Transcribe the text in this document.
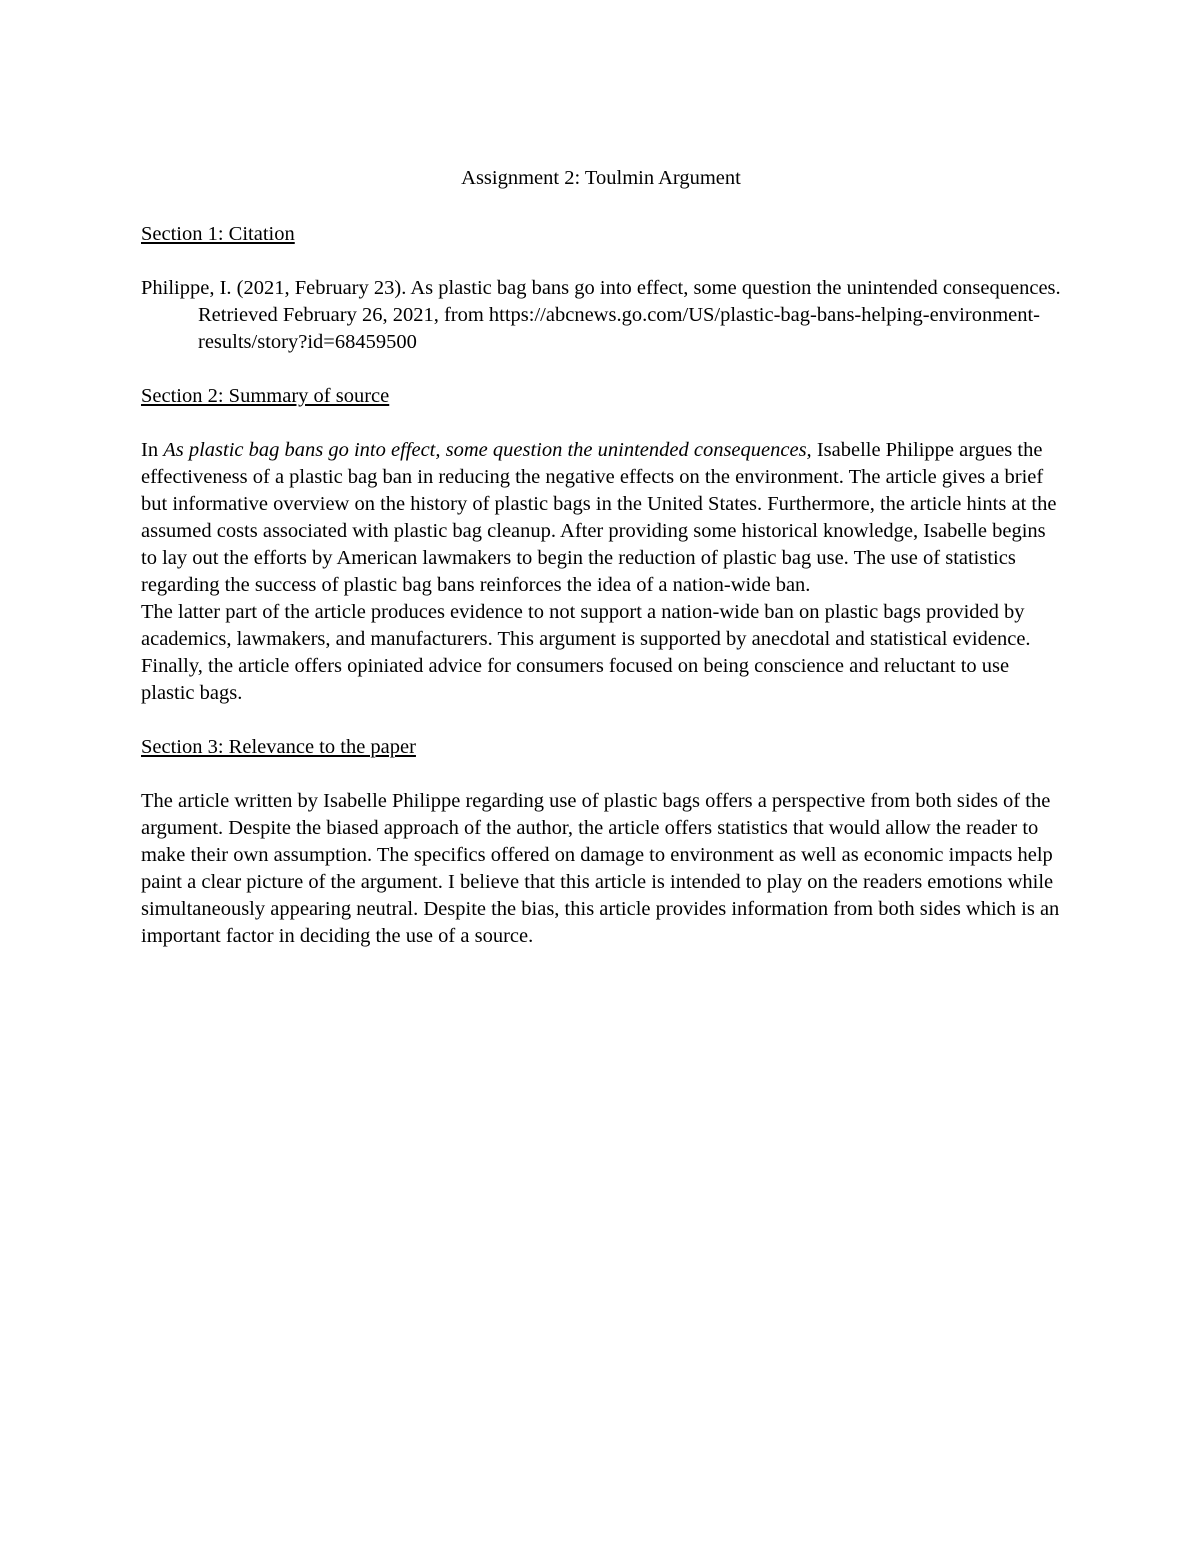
Assignment 2: Toulmin Argument

Section 1: Citation

Philippe, I. (2021, February 23). As plastic bag bans go into effect, some question the unintended consequences. Retrieved February 26, 2021, from https://abcnews.go.com/US/plastic-bag-bans-helping-environment-results/story?id=68459500

Section 2: Summary of source

In As plastic bag bans go into effect, some question the unintended consequences, Isabelle Philippe argues the effectiveness of a plastic bag ban in reducing the negative effects on the environment. The article gives a brief but informative overview on the history of plastic bags in the United States. Furthermore, the article hints at the assumed costs associated with plastic bag cleanup. After providing some historical knowledge, Isabelle begins to lay out the efforts by American lawmakers to begin the reduction of plastic bag use. The use of statistics regarding the success of plastic bag bans reinforces the idea of a nation-wide ban.

The latter part of the article produces evidence to not support a nation-wide ban on plastic bags provided by academics, lawmakers, and manufacturers. This argument is supported by anecdotal and statistical evidence. Finally, the article offers opiniated advice for consumers focused on being conscience and reluctant to use plastic bags.

Section 3: Relevance to the paper

The article written by Isabelle Philippe regarding use of plastic bags offers a perspective from both sides of the argument. Despite the biased approach of the author, the article offers statistics that would allow the reader to make their own assumption. The specifics offered on damage to environment as well as economic impacts help paint a clear picture of the argument. I believe that this article is intended to play on the readers emotions while simultaneously appearing neutral. Despite the bias, this article provides information from both sides which is an important factor in deciding the use of a source.
